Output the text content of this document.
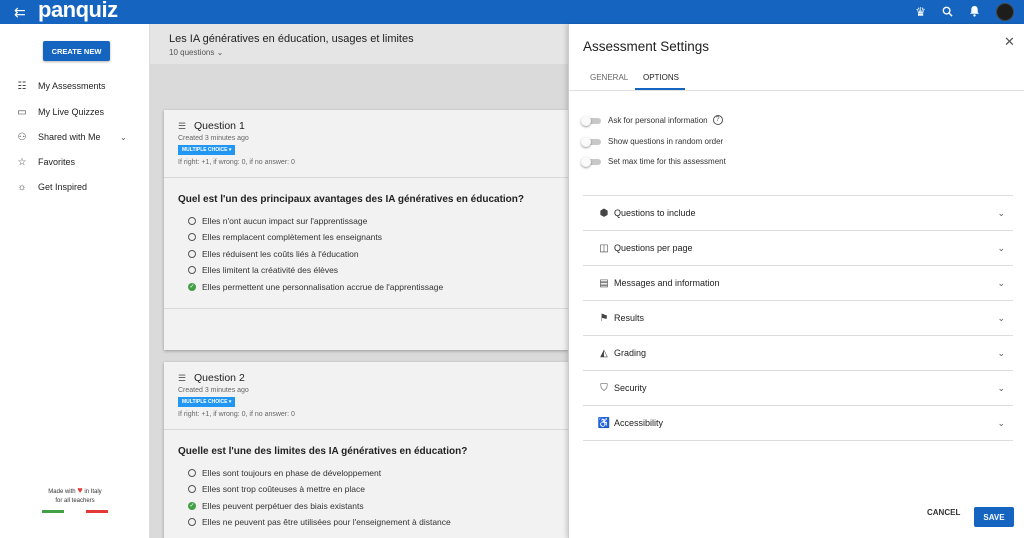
⇇ panquiz	♛
CREATE NEW
☷	My Assessments
▭	My Live Quizzes
⚇	Shared with Me ⌄
☆	Favorites
☼	Get Inspired
Made with ♥ in Italy
for all teachers
Les IA génératives en éducation, usages et limites
10 questions ⌄
☰ Question 1
Created 3 minutes ago
MULTIPLE CHOICE ▾
If right: +1, if wrong: 0, if no answer: 0
Quel est l'un des principaux avantages des IA génératives en éducation?
Elles n'ont aucun impact sur l'apprentissage
Elles remplacent complètement les enseignants
Elles réduisent les coûts liés à l'éducation
Elles limitent la créativité des élèves
✓ Elles permettent une personnalisation accrue de l'apprentissage
☰ Question 2
Created 3 minutes ago
MULTIPLE CHOICE ▾
If right: +1, if wrong: 0, if no answer: 0
Quelle est l'une des limites des IA génératives en éducation?
Elles sont toujours en phase de développement
Elles sont trop coûteuses à mettre en place
✓ Elles peuvent perpétuer des biais existants
Elles ne peuvent pas être utilisées pour l'enseignement à distance
Assessment Settings	✕
GENERAL OPTIONS
Ask for personal information	?
Show questions in random order
Set max time for this assessment
⬢ Questions to include	⌄
◫ Questions per page	⌄
▤ Messages and information	⌄
⚑ Results	⌄
◭ Grading	⌄
⛉ Security	⌄
♿ Accessibility	⌄
CANCEL	SAVE
